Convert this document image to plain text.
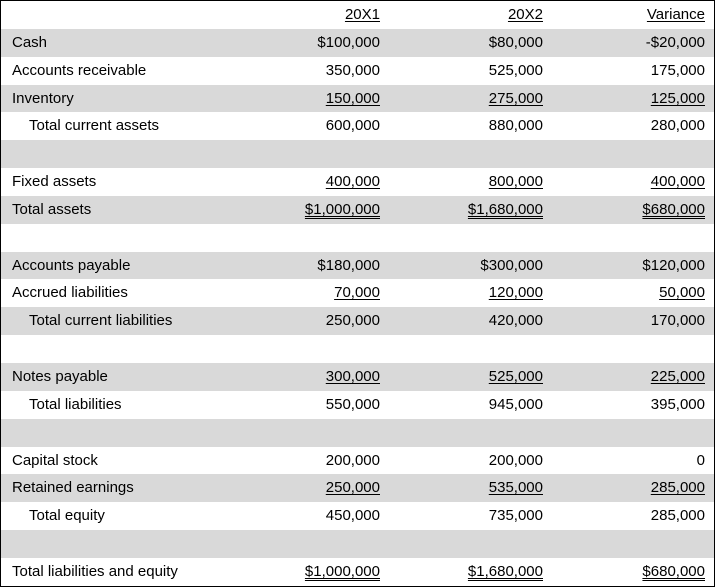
20X1	20X2	Variance
Cash	$100,000	$80,000	-$20,000
Accounts receivable	350,000	525,000	175,000
Inventory	150,000	275,000	125,000
Total current assets	600,000	880,000	280,000
Fixed assets	400,000	800,000	400,000
Total assets	$1,000,000	$1,680,000	$680,000
Accounts payable	$180,000	$300,000	$120,000
Accrued liabilities	70,000	120,000	50,000
Total current liabilities	250,000	420,000	170,000
Notes payable	300,000	525,000	225,000
Total liabilities	550,000	945,000	395,000
Capital stock	200,000	200,000	0
Retained earnings	250,000	535,000	285,000
Total equity	450,000	735,000	285,000
Total liabilities and equity	$1,000,000	$1,680,000	$680,000
